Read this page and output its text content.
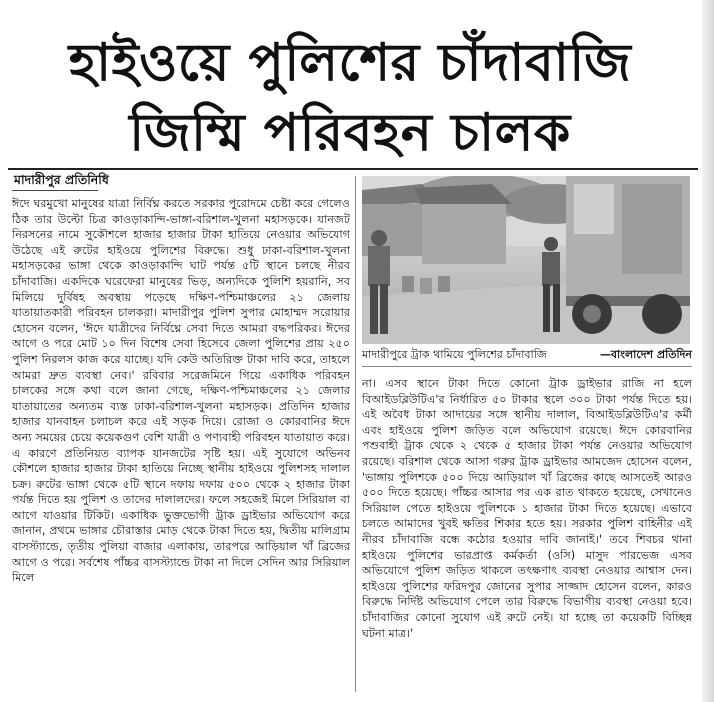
হাইওয়ে পুলিশের চাঁদাবাজি
জিম্মি পরিবহন চালক
মাদারীপুর প্রতিনিধি

ঈদে ঘরমুখো মানুষের যাত্রা নির্বিঘ্ন করতে সরকার পুরোদমে চেষ্টা করে গেলেও ঠিক তার উল্টো চিত্র কাওড়াকান্দি-ভাঙ্গা-বরিশাল-খুলনা মহাসড়কে। যানজট নিরসনের নামে সুকৌশলে হাজার হাজার টাকা হাতিয়ে নেওয়ার অভিযোগ উঠেছে এই রুটের হাইওয়ে পুলিশের বিরুদ্ধে। শুধু ঢাকা-বরিশাল-খুলনা মহাসড়কের ভাঙ্গা থেকে কাওড়াকান্দি ঘাট পর্যন্ত ৫টি স্থানে চলছে নীরব চাঁদাবাজি। একদিকে ঘরেফেরা মানুষের ভিড়, অন্যদিকে পুলিশি হয়রানি, সব মিলিয়ে দুর্বিষহ অবস্থায় পড়েছে দক্ষিণ-পশ্চিমাঞ্চলের ২১ জেলায় যাতায়াতকারী পরিবহন চালকরা। মাদারীপুর পুলিশ সুপার মোহাম্মদ সরোয়ার হোসেন বলেন, 'ঈদে যাত্রীদের নির্বিঘ্নে সেবা দিতে আমরা বদ্ধপরিকর। ঈদের আগে ও পরে মোট ১০ দিন বিশেষ সেবা হিসেবে জেলা পুলিশের প্রায় ২৫০ পুলিশ নিরলস কাজ করে যাচ্ছে। যদি কেউ অতিরিক্ত টাকা দাবি করে, তাহলে আমরা দ্রুত ব্যবস্থা নেব।' রবিবার সরেজমিনে গিয়ে একাধিক পরিবহন চালকের সঙ্গে কথা বলে জানা গেছে, দক্ষিণ-পশ্চিমাঞ্চলের ২১ জেলার যাতায়াতের অন্যতম ব্যস্ত ঢাকা-বরিশাল-খুলনা মহাসড়ক। প্রতিদিন হাজার হাজার যানবাহন চলাচল করে এই সড়ক দিয়ে। রোজা ও কোরবানির ঈদে অন্য সময়ের চেয়ে কয়েকগুণ বেশি যাত্রী ও পণ্যবাহী পরিবহন যাতায়াত করে। এ কারণে প্রতিনিয়ত ব্যাপক যানজটের সৃষ্টি হয়। এই সুযোগে অভিনব কৌশলে হাজার হাজার টাকা হাতিয়ে নিচ্ছে স্থানীয় হাইওয়ে পুলিশসহ দালাল চক্র। রুটের ভাঙ্গা থেকে ৫টি স্থানে দফায় দফায় ৫০০ থেকে ২ হাজার টাকা পর্যন্ত দিতে হয় পুলিশ ও তাদের দালালদের। ফলে সহজেই মিলে সিরিয়াল বা আগে যাওয়ার টিকিট। একাধিক ভুক্তভোগী ট্রাক ড্রাইভার অভিযোগ করে জানান, প্রথমে ভাঙ্গার চৌরাস্তার মোড় থেকে টাকা দিতে হয়, দ্বিতীয় মালিগ্রাম বাসস্ট্যান্ডে, তৃতীয় পুলিয়া বাজার এলাকায়, তারপরে আড়িয়াল খাঁ ব্রিজের আগে ও পরে। সর্বশেষ পাঁচ্চর বাসস্ট্যান্ডে টাকা না দিলে সেদিন আর সিরিয়াল মিলে

মাদারীপুরে ট্রাক থামিয়ে পুলিশের চাঁদাবাজি	—বাংলাদেশ প্রতিদিন

না। এসব স্থানে টাকা দিতে কোনো ট্রাক ড্রাইভার রাজি না হলে বিআইডব্লিউটিএ'র নির্ধারিত ৫০ টাকার স্থলে ৩০০ টাকা পর্যন্ত দিতে হয়। এই অবৈধ টাকা আদায়ের সঙ্গে স্থানীয় দালাল, বিআইডব্লিউটিএ'র কর্মী এবং হাইওয়ে পুলিশ জড়িত বলে অভিযোগ রয়েছে। ঈদে কোরবানির পশুবাহী ট্রাক থেকে ২ থেকে ৫ হাজার টাকা পর্যন্ত নেওয়ার অভিযোগ রয়েছে। বরিশাল থেকে আসা গরুর ট্রাক ড্রাইভার আমজেদ হোসেন বলেন, 'ভাঙ্গায় পুলিশকে ৫০০ দিয়ে আড়িয়াল খাঁ ব্রিজের কাছে আসতেই আরও ৫০০ দিতে হয়েছে। পাঁচ্চর আসার পর এক রাত থাকতে হয়েছে, সেখানেও সিরিয়াল পেতে হাইওয়ে পুলিশকে ১ হাজার টাকা দিতে হয়েছে। এভাবে চলতে আমাদের খুবই ক্ষতির শিকার হতে হয়। সরকার পুলিশ বাহিনীর এই নীরব চাঁদাবাজি বন্ধে কঠোর হওয়ার দাবি জানাই।' তবে শিবচর থানা হাইওয়ে পুলিশের ভারপ্রাপ্ত কর্মকর্তা (ওসি) মাসুদ পারভেজ এসব অভিযোগে পুলিশ জড়িত থাকলে তৎক্ষণাৎ ব্যবস্থা নেওয়ার আশ্বাস দেন। হাইওয়ে পুলিশের ফরিদপুর জোনের সুপার সাজ্জাদ হোসেন বলেন, কারও বিরুদ্ধে নির্দিষ্ট অভিযোগ পেলে তার বিরুদ্ধে বিভাগীয় ব্যবস্থা নেওয়া হবে। চাঁদাবাজির কোনো সুযোগ এই রুটে নেই। যা হচ্ছে তা কয়েকটি বিচ্ছিন্ন ঘটনা মাত্র।'
